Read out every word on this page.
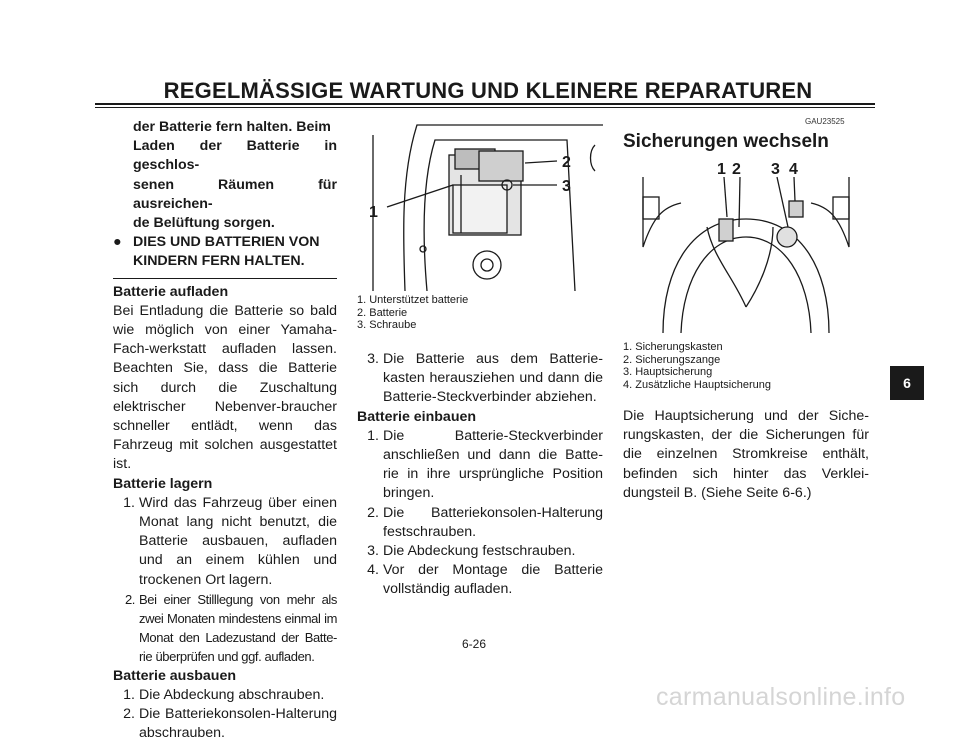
REGELMÄSSIGE WARTUNG UND KLEINERE REPARATUREN

der Batterie fern halten. Beim

Laden der Batterie in geschlos-

senen Räumen für ausreichen-

de Belüftung sorgen.

● DIES UND BATTERIEN VON
KINDERN FERN HALTEN.

Batterie aufladen

Bei Entladung die Batterie so bald wie möglich von einer Yamaha-Fach-werkstatt aufladen lassen. Beachten Sie, dass die Batterie sich durch die Zuschaltung elektrischer Nebenver-braucher schneller entlädt, wenn das Fahrzeug mit solchen ausgestattet ist.

Batterie lagern

1. Wird das Fahrzeug über einen Monat lang nicht benutzt, die Batterie ausbauen, aufladen und an einem kühlen und trockenen Ort lagern.
2. Bei einer Stilllegung von mehr als zwei Monaten mindestens einmal im Monat den Ladezustand der Batte-rie überprüfen und ggf. aufladen.

Batterie ausbauen

1. Die Abdeckung abschrauben.
2. Die Batteriekonsolen-Halterung abschrauben.
2
3
1
1. Unterstützet batterie
2. Batterie
3. Schraube
3. Die Batterie aus dem Batterie-kasten herausziehen und dann die Batterie-Steckverbinder abziehen.

Batterie einbauen

1. Die Batterie-Steckverbinder anschließen und dann die Batte-rie in ihre ursprüngliche Position bringen.
2. Die Batteriekonsolen-Halterung festschrauben.
3. Die Abdeckung festschrauben.
4. Vor der Montage die Batterie vollständig aufladen.
GAU23525
Sicherungen wechseln
1 2 3 4
1. Sicherungskasten
2. Sicherungszange
3. Hauptsicherung
4. Zusätzliche Hauptsicherung

Die Hauptsicherung und der Siche-rungskasten, der die Sicherungen für die einzelnen Stromkreise enthält, befinden sich hinter das Verklei-dungsteil B. (Siehe Seite 6-6.)

6
6-26
carmanualsonline.info
